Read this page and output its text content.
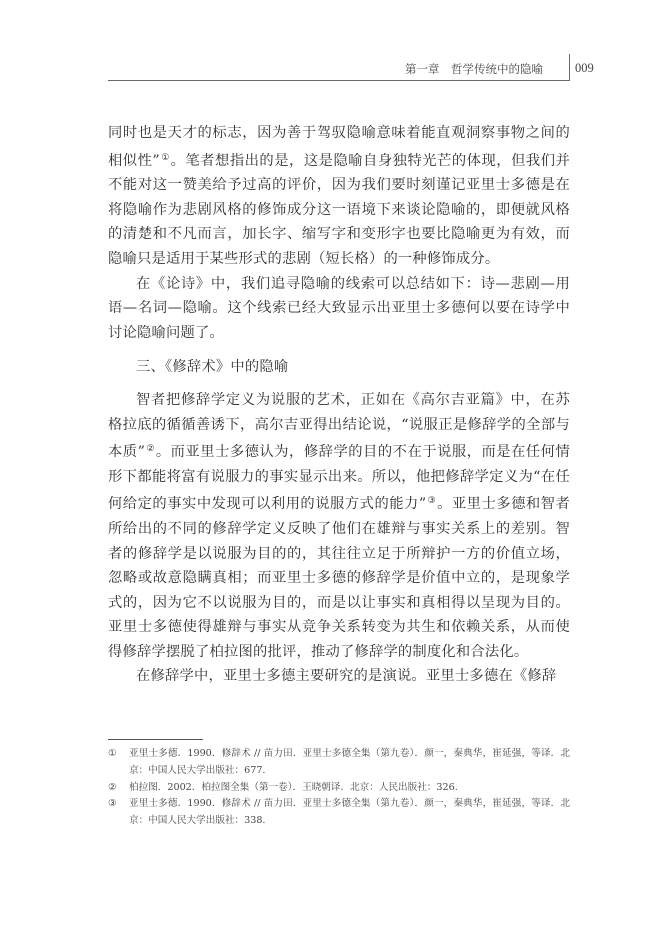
第一章　哲学传统中的隐喻	009

同时也是天才的标志，因为善于驾驭隐喻意味着能直观洞察事物之间的相似性”①。笔者想指出的是，这是隐喻自身独特光芒的体现，但我们并不能对这一赞美给予过高的评价，因为我们要时刻谨记亚里士多德是在将隐喻作为悲剧风格的修饰成分这一语境下来谈论隐喻的，即便就风格的清楚和不凡而言，加长字、缩写字和变形字也要比隐喻更为有效，而隐喻只是适用于某些形式的悲剧（短长格）的一种修饰成分。

在《论诗》中，我们追寻隐喻的线索可以总结如下：诗—悲剧—用语—名词—隐喻。这个线索已经大致显示出亚里士多德何以要在诗学中讨论隐喻问题了。

三、《修辞术》中的隐喻

智者把修辞学定义为说服的艺术，正如在《高尔吉亚篇》中，在苏格拉底的循循善诱下，高尔吉亚得出结论说，“说服正是修辞学的全部与本质”②。而亚里士多德认为，修辞学的目的不在于说服，而是在任何情形下都能将富有说服力的事实显示出来。所以，他把修辞学定义为“在任何给定的事实中发现可以利用的说服方式的能力”③。亚里士多德和智者所给出的不同的修辞学定义反映了他们在雄辩与事实关系上的差别。智者的修辞学是以说服为目的的，其往往立足于所辩护一方的价值立场，忽略或故意隐瞒真相；而亚里士多德的修辞学是价值中立的，是现象学式的，因为它不以说服为目的，而是以让事实和真相得以呈现为目的。亚里士多德使得雄辩与事实从竞争关系转变为共生和依赖关系，从而使得修辞学摆脱了柏拉图的批评，推动了修辞学的制度化和合法化。

在修辞学中，亚里士多德主要研究的是演说。亚里士多德在《修辞

①	亚里士多德．1990．修辞术 // 苗力田．亚里士多德全集（第九卷）．颜一，秦典华，崔延强，等译．北京：中国人民大学出版社：677.
②	柏拉图．2002．柏拉图全集（第一卷）．王晓朝译．北京：人民出版社：326.
③	亚里士多德．1990．修辞术 // 苗力田．亚里士多德全集（第九卷）．颜一，秦典华，崔延强，等译．北京：中国人民大学出版社：338.
